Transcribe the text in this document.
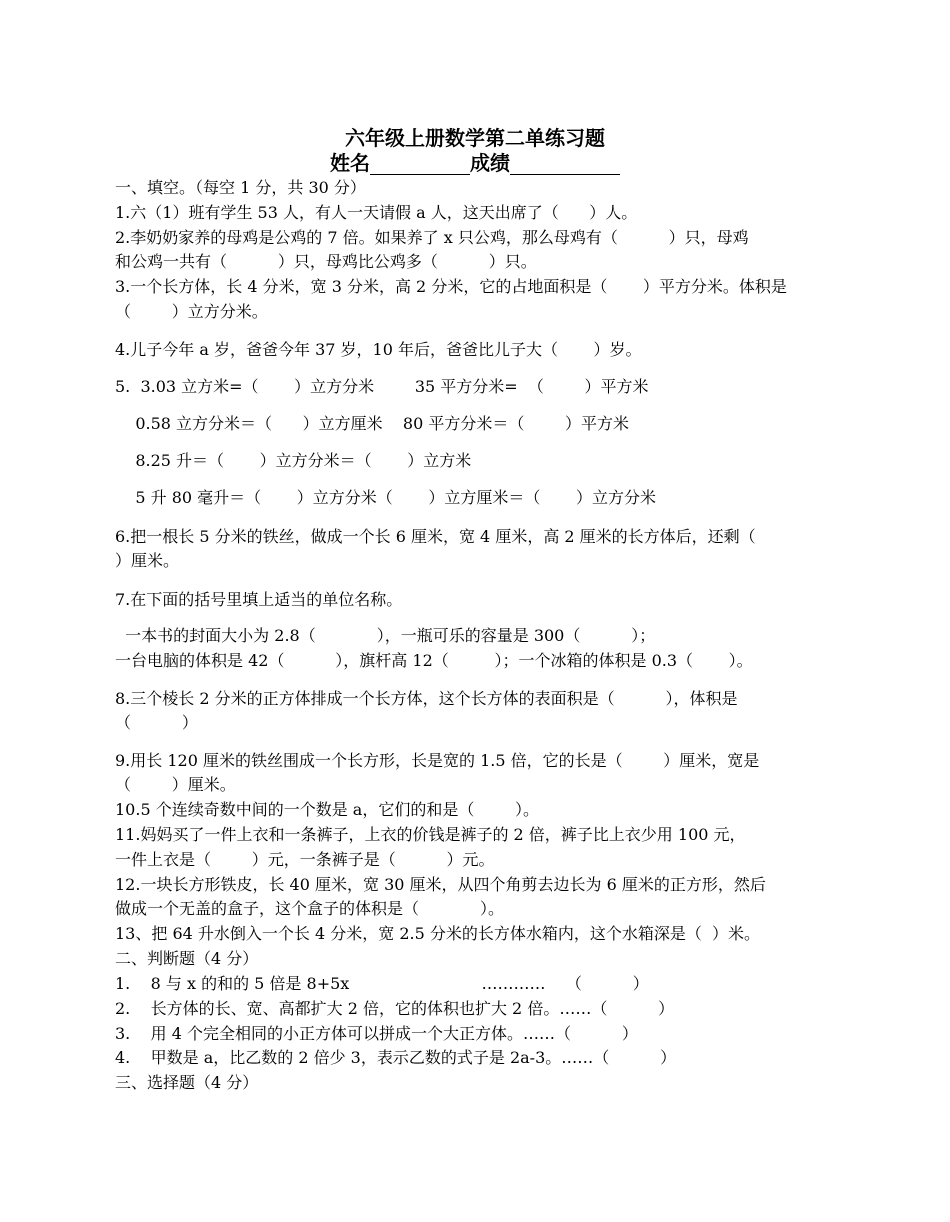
六年级上册数学第二单练习题
姓名	成绩
一、填空。（每空 1 分，共 30 分）
1.六（1）班有学生 53 人，有人一天请假 a 人，这天出席了（      ）人。
2.李奶奶家养的母鸡是公鸡的 7 倍。如果养了 x 只公鸡，那么母鸡有（          ）只，母鸡
和公鸡一共有（          ）只，母鸡比公鸡多（          ）只。
3.一个长方体，长 4 分米，宽 3 分米，高 2 分米，它的占地面积是（       ）平方分米。体积是
（        ）立方分米。
4.儿子今年 a 岁，爸爸今年 37 岁，10 年后，爸爸比儿子大（       ）岁。
5.  3.03 立方米=（       ）立方分米        35 平方分米=  （        ）平方米
0.58 立方分米＝（      ）立方厘米    80 平方分米＝（        ）平方米
8.25 升＝（       ）立方分米＝（       ）立方米
5 升 80 毫升＝（       ）立方分米（       ）立方厘米＝（       ）立方分米
6.把一根长 5 分米的铁丝，做成一个长 6 厘米，宽 4 厘米，高 2 厘米的长方体后，还剩（
）厘米。
7.在下面的括号里填上适当的单位名称。
一本书的封面大小为 2.8（            ），一瓶可乐的容量是 300（          ）；
一台电脑的体积是 42（          ），旗杆高 12（         ）；一个冰箱的体积是 0.3（       ）。
8.三个棱长 2 分米的正方体排成一个长方体，这个长方体的表面积是（          ），体积是
（          ）
9.用长 120 厘米的铁丝围成一个长方形，长是宽的 1.5 倍，它的长是（        ）厘米，宽是
（        ）厘米。
10.5 个连续奇数中间的一个数是 a，它们的和是（        ）。
11.妈妈买了一件上衣和一条裤子，上衣的价钱是裤子的 2 倍，裤子比上衣少用 100 元，
一件上衣是（        ）元，一条裤子是（          ）元。
12.一块长方形铁皮，长 40 厘米，宽 30 厘米，从四个角剪去边长为 6 厘米的正方形，然后
做成一个无盖的盒子，这个盒子的体积是（            ）。
13、把 64 升水倒入一个长 4 分米，宽 2.5 分米的长方体水箱内，这个水箱深是（  ）米。
二、判断题（4 分）
1.    8 与 x 的和的 5 倍是 8+5x                          …………    （          ）
2.    长方体的长、宽、高都扩大 2 倍，它的体积也扩大 2 倍。……（          ）
3.    用 4 个完全相同的小正方体可以拼成一个大正方体。……（          ）
4.    甲数是 a，比乙数的 2 倍少 3，表示乙数的式子是 2a-3。……（          ）
三、选择题（4 分）
